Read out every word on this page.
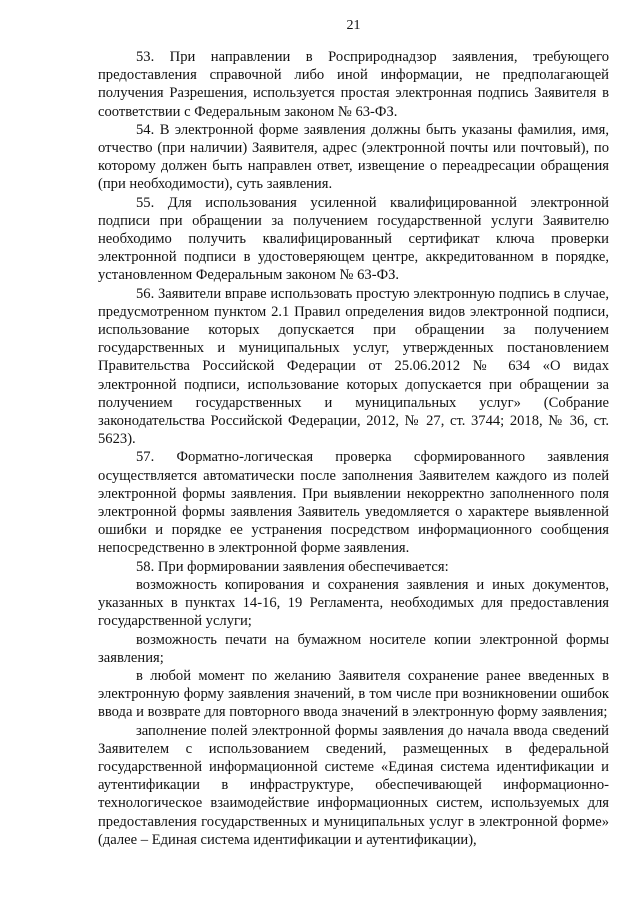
21

53. При направлении в Росприроднадзор заявления, требующего предоставления справочной либо иной информации, не предполагающей получения Разрешения, используется простая электронная подпись Заявителя в соответствии с Федеральным законом № 63-ФЗ.

54. В электронной форме заявления должны быть указаны фамилия, имя, отчество (при наличии) Заявителя, адрес (электронной почты или почтовый), по которому должен быть направлен ответ, извещение о переадресации обращения (при необходимости), суть заявления.

55. Для использования усиленной квалифицированной электронной подписи при обращении за получением государственной услуги Заявителю необходимо получить квалифицированный сертификат ключа проверки электронной подписи в удостоверяющем центре, аккредитованном в порядке, установленном Федеральным законом № 63-ФЗ.

56. Заявители вправе использовать простую электронную подпись в случае, предусмотренном пунктом 2.1 Правил определения видов электронной подписи, использование которых допускается при обращении за получением государственных и муниципальных услуг, утвержденных постановлением Правительства Российской Федерации от 25.06.2012 № 634 «О видах электронной подписи, использование которых допускается при обращении за получением государственных и муниципальных услуг» (Собрание законодательства Российской Федерации, 2012, № 27, ст. 3744; 2018, № 36, ст. 5623).

57. Форматно-логическая проверка сформированного заявления осуществляется автоматически после заполнения Заявителем каждого из полей электронной формы заявления. При выявлении некорректно заполненного поля электронной формы заявления Заявитель уведомляется о характере выявленной ошибки и порядке ее устранения посредством информационного сообщения непосредственно в электронной форме заявления.

58. При формировании заявления обеспечивается:

возможность копирования и сохранения заявления и иных документов, указанных в пунктах 14-16, 19 Регламента, необходимых для предоставления государственной услуги;

возможность печати на бумажном носителе копии электронной формы заявления;

в любой момент по желанию Заявителя сохранение ранее введенных в электронную форму заявления значений, в том числе при возникновении ошибок ввода и возврате для повторного ввода значений в электронную форму заявления;

заполнение полей электронной формы заявления до начала ввода сведений Заявителем с использованием сведений, размещенных в федеральной государственной информационной системе «Единая система идентификации и аутентификации в инфраструктуре, обеспечивающей информационно-технологическое взаимодействие информационных систем, используемых для предоставления государственных и муниципальных услуг в электронной форме» (далее – Единая система идентификации и аутентификации),
